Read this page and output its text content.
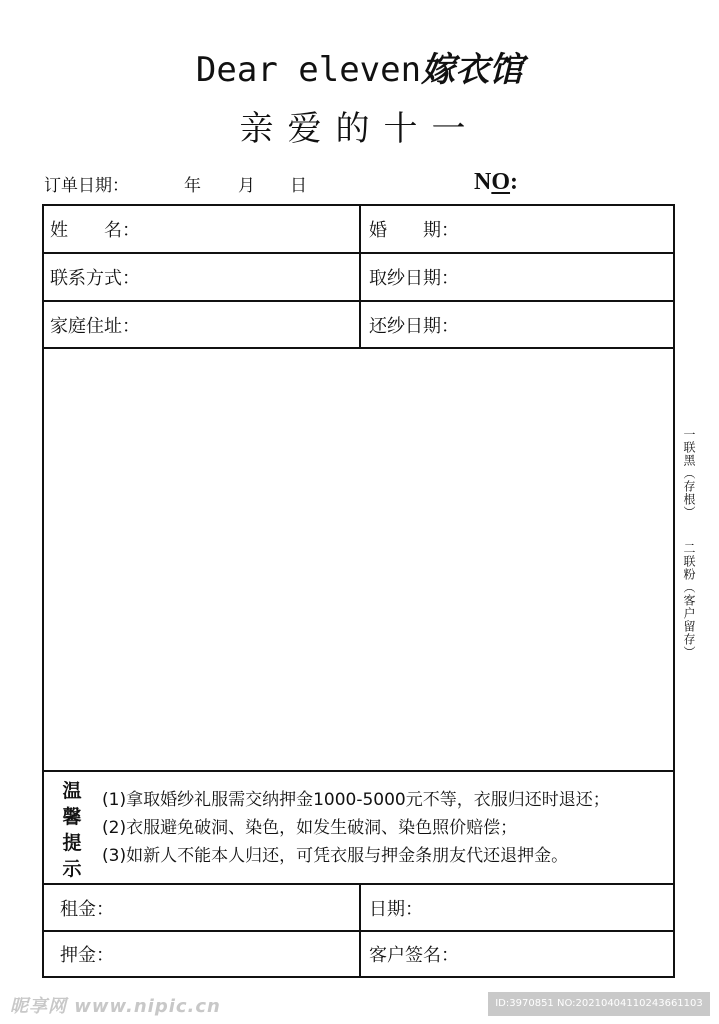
Dear eleven嫁衣馆
亲爱的十一
订单日期：	年 月 日	NO:
姓　　名：	婚　　期：
联系方式：	取纱日期：
家庭住址：	还纱日期：
温
馨
提
示
(1)拿取婚纱礼服需交纳押金1000-5000元不等，衣服归还时退还；
(2)衣服避免破洞、染色，如发生破洞、染色照价赔偿；
(3)如新人不能本人归还，可凭衣服与押金条朋友代还退押金。
租金：	日期：
押金：	客户签名：
一联黑（存根）
二联粉（客户留存）
昵享网 www.nipic.cn	ID:3970851 NO:20210404110243661103
